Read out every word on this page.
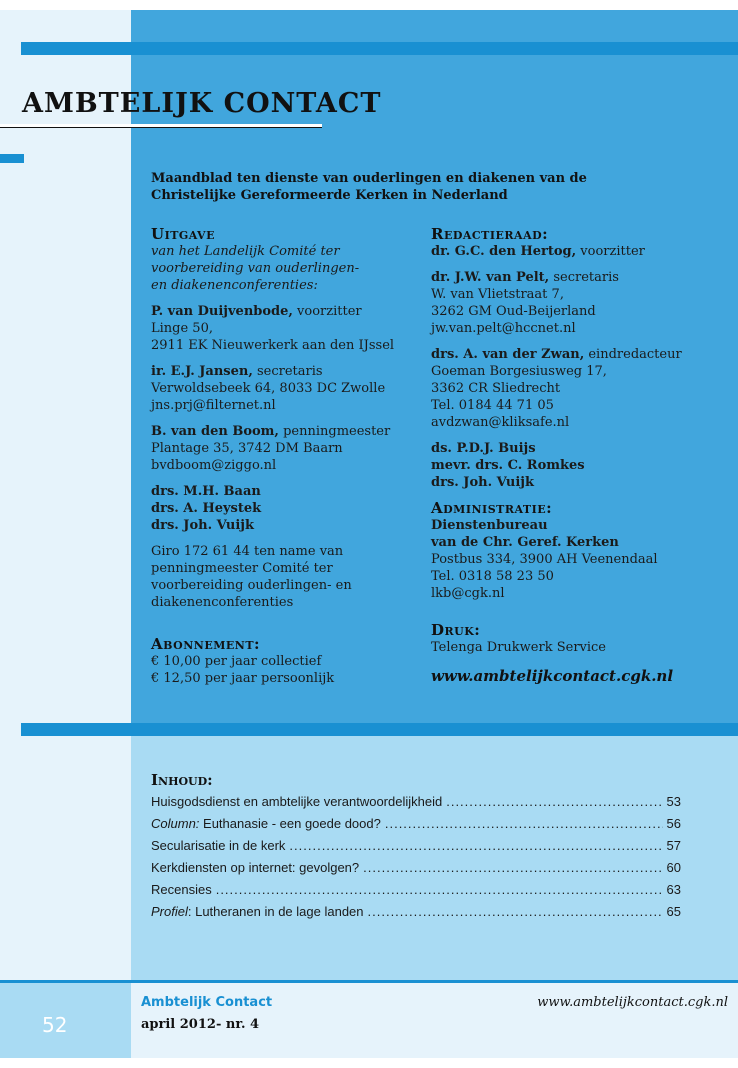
AMBTELIJK CONTACT
Maandblad ten dienste van ouderlingen en diakenen van de
Christelijke Gereformeerde Kerken in Nederland

Uitgave

van het Landelijk Comité ter

voorbereiding van ouderlingen-

en diakenenconferenties:

P. van Duijvenbode, voorzitter

Linge 50,

2911 EK Nieuwerkerk aan den IJssel

ir. E.J. Jansen, secretaris

Verwoldsebeek 64, 8033 DC Zwolle

jns.prj@filternet.nl

B. van den Boom, penningmeester

Plantage 35, 3742 DM Baarn

bvdboom@ziggo.nl

drs. M.H. Baan

drs. A. Heystek

drs. Joh. Vuijk

Giro 172 61 44 ten name van

penningmeester Comité ter

voorbereiding ouderlingen- en

diakenenconferenties

Abonnement:

€ 10,00 per jaar collectief

€ 12,50 per jaar persoonlijk

Redactieraad:

dr. G.C. den Hertog, voorzitter

dr. J.W. van Pelt, secretaris

W. van Vlietstraat 7,

3262 GM Oud-Beijerland

jw.van.pelt@hccnet.nl

drs. A. van der Zwan, eindredacteur

Goeman Borgesiusweg 17,

3362 CR Sliedrecht

Tel. 0184 44 71 05

avdzwan@kliksafe.nl

ds. P.D.J. Buijs

mevr. drs. C. Romkes

drs. Joh. Vuijk

Administratie:

Dienstenbureau

van de Chr. Geref. Kerken

Postbus 334, 3900 AH Veenendaal

Tel. 0318 58 23 50

lkb@cgk.nl

Druk:

Telenga Drukwerk Service

www.ambtelijkcontact.cgk.nl

Inhoud:
Huisgodsdienst en ambtelijke verantwoordelijkheid .....	53
Column: Euthanasie - een goede dood? .....	56
Secularisatie in de kerk .....	57
Kerkdiensten op internet: gevolgen? .....	60
Recensies .....	63
Profiel: Lutheranen in de lage landen .....	65
Ambtelijk Contact
april 2012- nr. 4
www.ambtelijkcontact.cgk.nl
52
